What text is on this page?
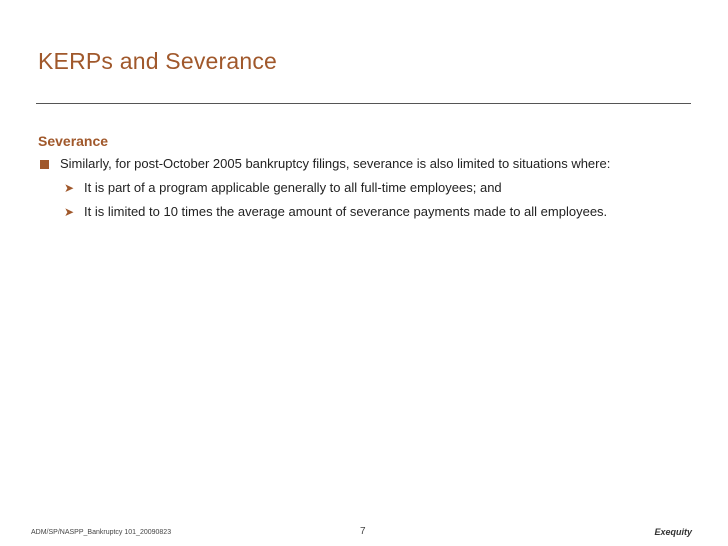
KERPs and Severance
Severance
Similarly, for post-October 2005 bankruptcy filings, severance is also limited to situations where:
➤ It is part of a program applicable generally to all full-time employees; and
➤ It is limited to 10 times the average amount of severance payments made to all employees.
ADM/SP/NASPP_Bankruptcy 101_20090823	7	Exequity
